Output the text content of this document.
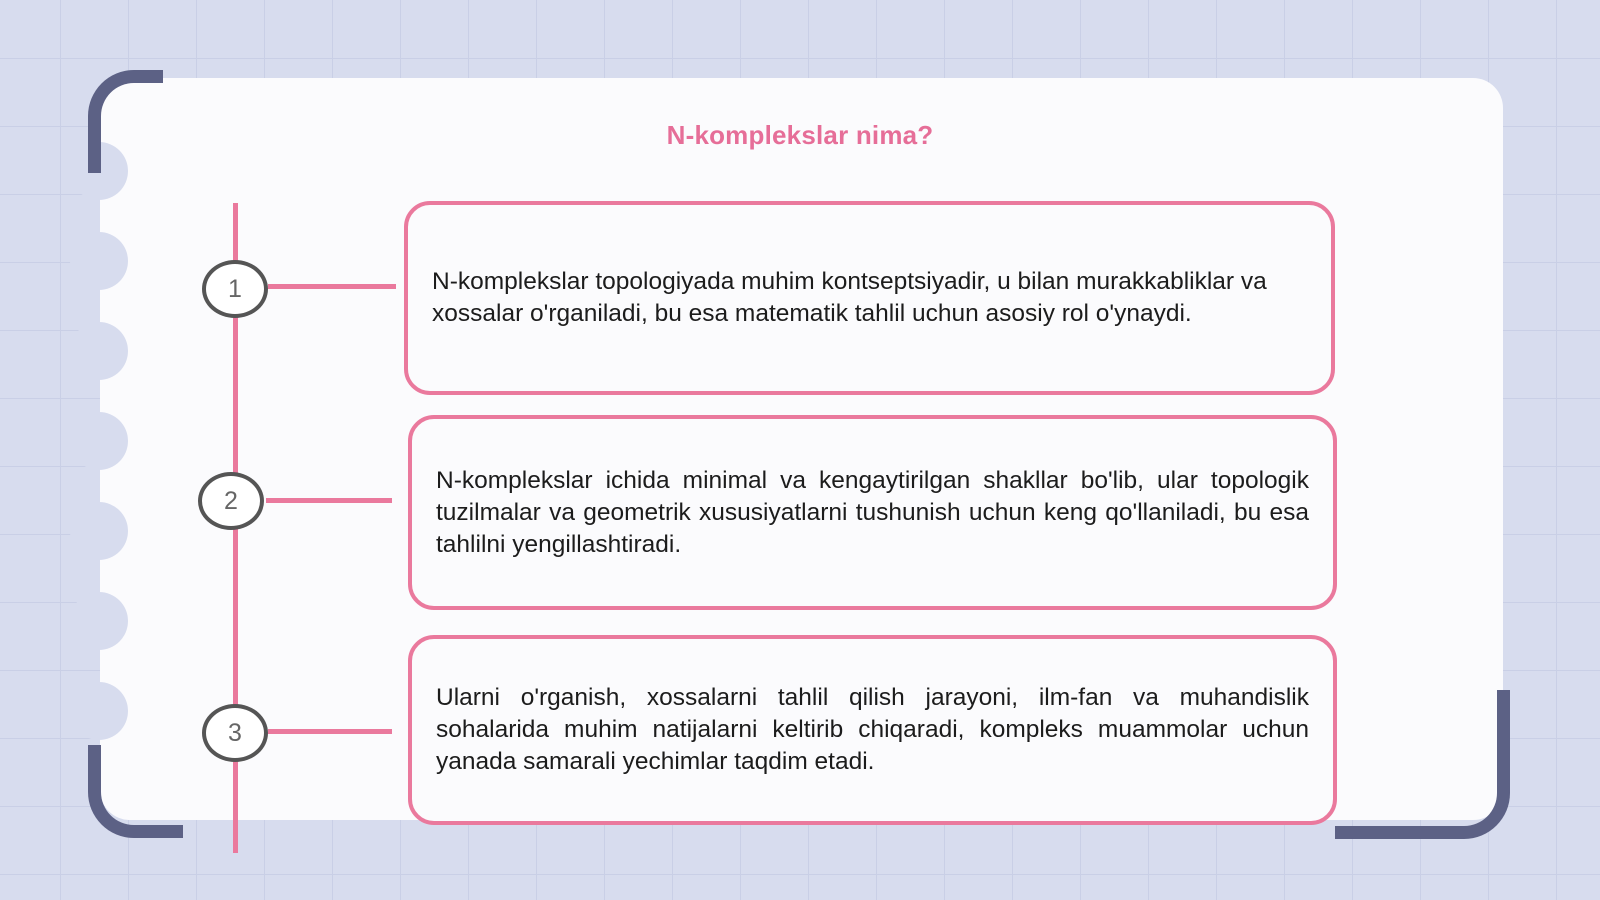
N-komplekslar nima?
1
2
3

N-komplekslar topologiyada muhim kontseptsiyadir, u bilan murakkabliklar va xossalar o'rganiladi, bu esa matematik tahlil uchun asosiy rol o'ynaydi.

N-komplekslar ichida minimal va kengaytirilgan shakllar bo'lib, ular topologik tuzilmalar va geometrik xususiyatlarni tushunish uchun keng qo'llaniladi, bu esa tahlilni yengillashtiradi.

Ularni o'rganish, xossalarni tahlil qilish jarayoni, ilm-fan va muhandislik sohalarida muhim natijalarni keltirib chiqaradi, kompleks muammolar uchun yanada samarali yechimlar taqdim etadi.
